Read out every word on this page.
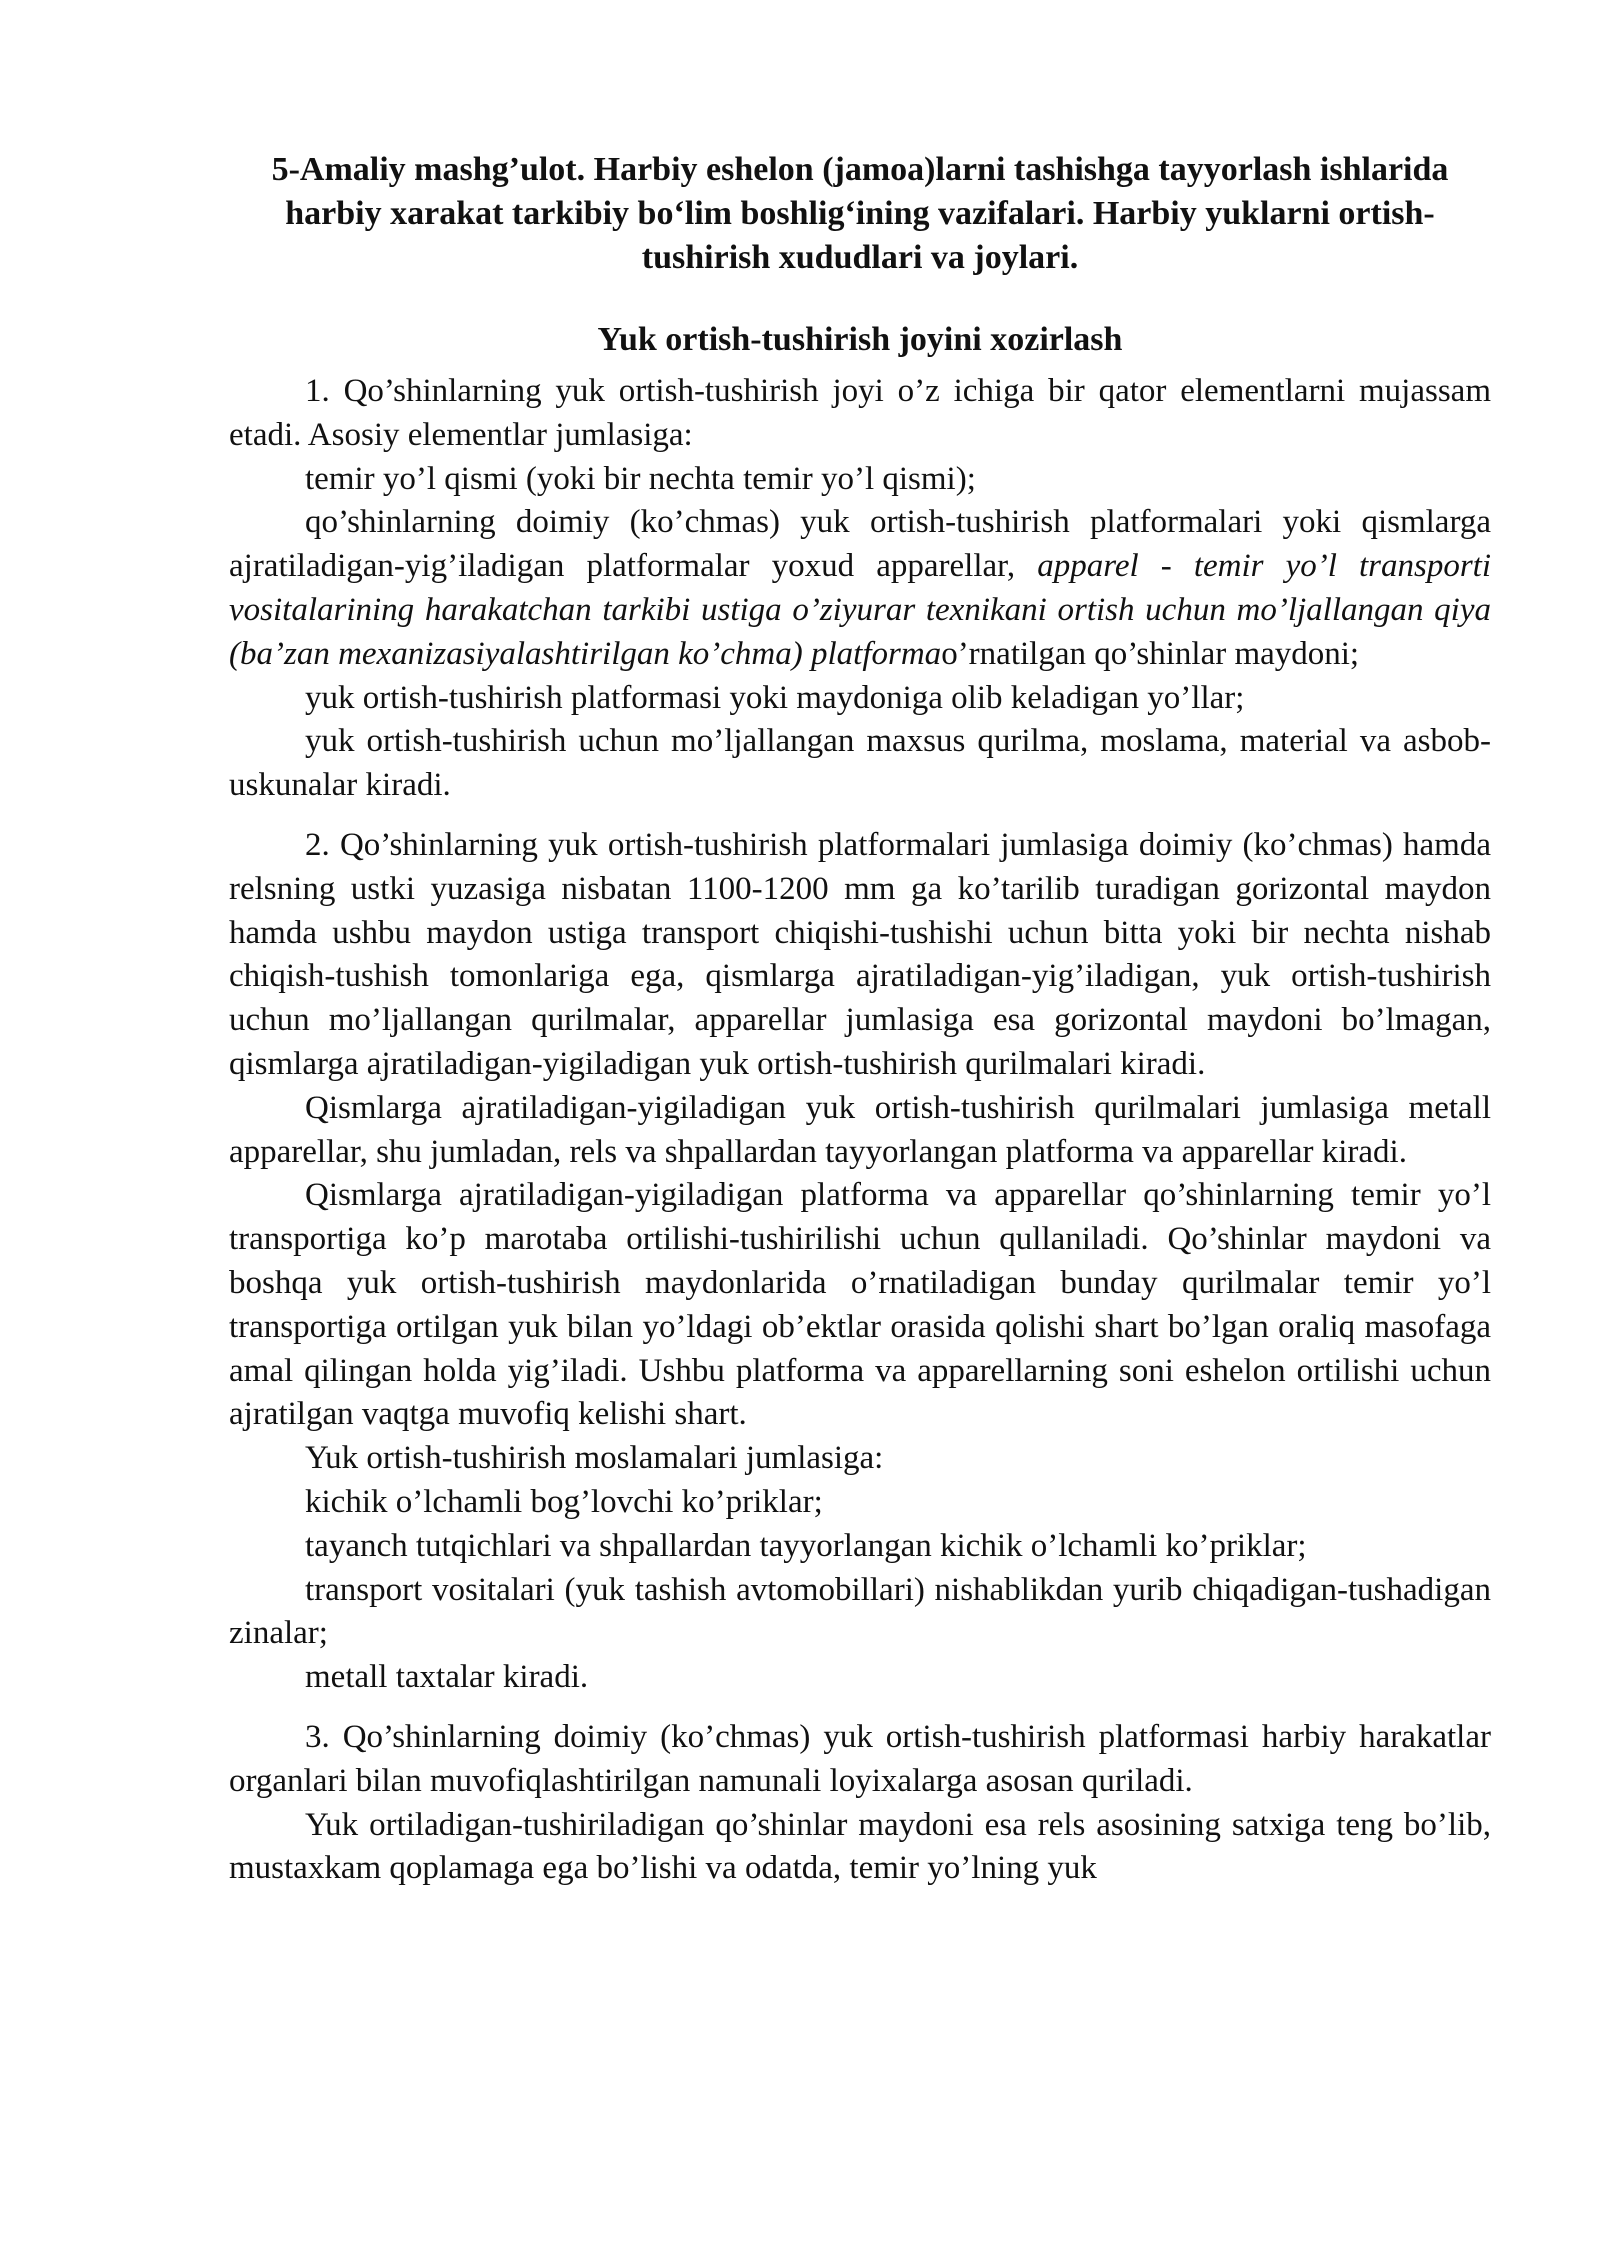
5-Amaliy mashg’ulot. Harbiy eshelon (jamoa)larni tashishga tayyorlash ishlarida harbiy xarakat tarkibiy bo‘lim boshlig‘ining vazifalari. Harbiy yuklarni ortish-tushirish xududlari va joylari.
Yuk ortish-tushirish joyini xozirlash

1. Qo’shinlarning yuk ortish-tushirish joyi o’z ichiga bir qator elementlarni mujassam etadi. Asosiy elementlar jumlasiga:

temir yo’l qismi (yoki bir nechta temir yo’l qismi);

qo’shinlarning doimiy (ko’chmas) yuk ortish-tushirish platformalari yoki qismlarga ajratiladigan-yig’iladigan platformalar yoxud apparellar, apparel - temir yo’l transporti vositalarining harakatchan tarkibi ustiga o’ziyurar texnikani ortish uchun mo’ljallangan qiya (ba’zan mexanizasiyalashtirilgan ko’chma) platformao’rnatilgan qo’shinlar maydoni;

yuk ortish-tushirish platformasi yoki maydoniga olib keladigan yo’llar;

yuk ortish-tushirish uchun mo’ljallangan maxsus qurilma, moslama, material va asbob-uskunalar kiradi.

2. Qo’shinlarning yuk ortish-tushirish platformalari jumlasiga doimiy (ko’chmas) hamda relsning ustki yuzasiga nisbatan 1100-1200 mm ga ko’tarilib turadigan gorizontal maydon hamda ushbu maydon ustiga transport chiqishi-tushishi uchun bitta yoki bir nechta nishab chiqish-tushish tomonlariga ega, qismlarga ajratiladigan-yig’iladigan, yuk ortish-tushirish uchun mo’ljallangan qurilmalar, apparellar jumlasiga esa gorizontal maydoni bo’lmagan, qismlarga ajratiladigan-yigiladigan yuk ortish-tushirish qurilmalari kiradi.

Qismlarga ajratiladigan-yigiladigan yuk ortish-tushirish qurilmalari jumlasiga metall apparellar, shu jumladan, rels va shpallardan tayyorlangan platforma va apparellar kiradi.

Qismlarga ajratiladigan-yigiladigan platforma va apparellar qo’shinlarning temir yo’l transportiga ko’p marotaba ortilishi-tushirilishi uchun qullaniladi. Qo’shinlar maydoni va boshqa yuk ortish-tushirish maydonlarida o’rnatiladigan bunday qurilmalar temir yo’l transportiga ortilgan yuk bilan yo’ldagi ob’ektlar orasida qolishi shart bo’lgan oraliq masofaga amal qilingan holda yig’iladi. Ushbu platforma va apparellarning soni eshelon ortilishi uchun ajratilgan vaqtga muvofiq kelishi shart.

Yuk ortish-tushirish moslamalari jumlasiga:

kichik o’lchamli bog’lovchi ko’priklar;

tayanch tutqichlari va shpallardan tayyorlangan kichik o’lchamli ko’priklar;

transport vositalari (yuk tashish avtomobillari) nishablikdan yurib chiqadigan-tushadigan zinalar;

metall taxtalar kiradi.

3. Qo’shinlarning doimiy (ko’chmas) yuk ortish-tushirish platformasi harbiy harakatlar organlari bilan muvofiqlashtirilgan namunali loyixalarga asosan quriladi.

Yuk ortiladigan-tushiriladigan qo’shinlar maydoni esa rels asosining satxiga teng bo’lib, mustaxkam qoplamaga ega bo’lishi va odatda, temir yo’lning yuk
